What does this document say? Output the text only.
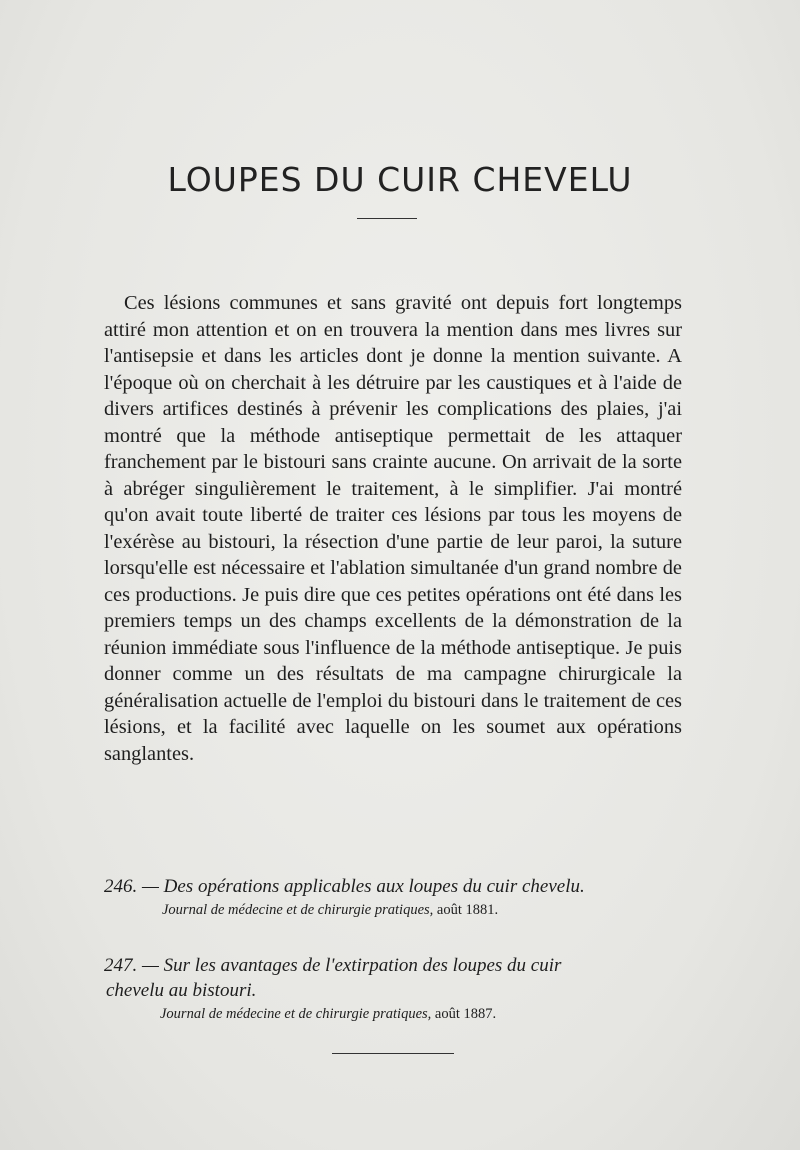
LOUPES DU CUIR CHEVELU

Ces lésions communes et sans gravité ont depuis fort longtemps attiré mon attention et on en trouvera la mention dans mes livres sur l'antisepsie et dans les articles dont je donne la mention suivante. A l'époque où on cherchait à les détruire par les caustiques et à l'aide de divers artifices destinés à prévenir les complications des plaies, j'ai montré que la méthode antiseptique permettait de les attaquer franchement par le bistouri sans crainte aucune. On arrivait de la sorte à abréger singulièrement le traitement, à le simplifier. J'ai montré qu'on avait toute liberté de traiter ces lésions par tous les moyens de l'exérèse au bistouri, la résection d'une partie de leur paroi, la suture lorsqu'elle est nécessaire et l'ablation simultanée d'un grand nombre de ces productions. Je puis dire que ces petites opérations ont été dans les premiers temps un des champs excellents de la démonstration de la réunion immédiate sous l'influence de la méthode antiseptique. Je puis donner comme un des résultats de ma campagne chirurgicale la généralisation actuelle de l'emploi du bistouri dans le traitement de ces lésions, et la facilité avec laquelle on les soumet aux opérations sanglantes.

246. — Des opérations applicables aux loupes du cuir chevelu.
Journal de médecine et de chirurgie pratiques, août 1881.
247. — Sur les avantages de l'extirpation des loupes du cuir
chevelu au bistouri.
Journal de médecine et de chirurgie pratiques, août 1887.
